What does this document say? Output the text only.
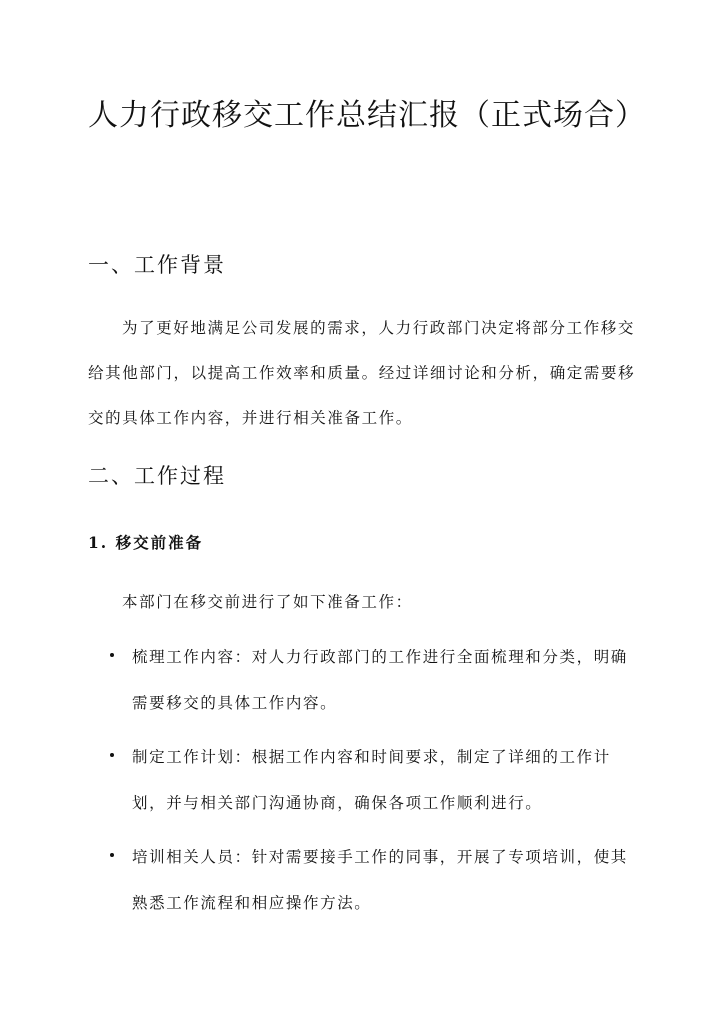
人力行政移交工作总结汇报（正式场合）
一、工作背景

为了更好地满足公司发展的需求，人力行政部门决定将部分工作移交给其他部门，以提高工作效率和质量。经过详细讨论和分析，确定需要移交的具体工作内容，并进行相关准备工作。

二、工作过程
1. 移交前准备

本部门在移交前进行了如下准备工作：

梳理工作内容：对人力行政部门的工作进行全面梳理和分类，明确需要移交的具体工作内容。

制定工作计划：根据工作内容和时间要求，制定了详细的工作计划，并与相关部门沟通协商，确保各项工作顺利进行。

培训相关人员：针对需要接手工作的同事，开展了专项培训，使其熟悉工作流程和相应操作方法。
